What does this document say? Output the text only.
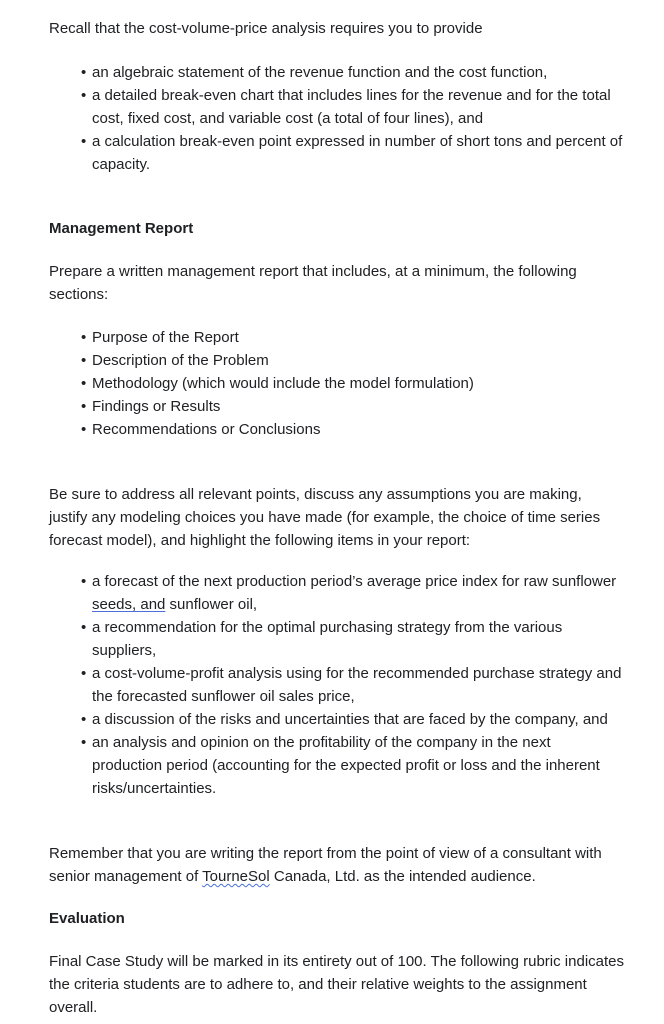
Recall that the cost-volume-price analysis requires you to provide

• an algebraic statement of the revenue function and the cost function,
• a detailed break-even chart that includes lines for the revenue and for the total cost, fixed cost, and variable cost (a total of four lines), and
• a calculation break-even point expressed in number of short tons and percent of capacity.

Management Report

Prepare a written management report that includes, at a minimum, the following sections:

• Purpose of the Report
• Description of the Problem
• Methodology (which would include the model formulation)
• Findings or Results
• Recommendations or Conclusions

Be sure to address all relevant points, discuss any assumptions you are making, justify any modeling choices you have made (for example, the choice of time series forecast model), and highlight the following items in your report:

• a forecast of the next production period’s average price index for raw sunflower seeds, and sunflower oil,
• a recommendation for the optimal purchasing strategy from the various suppliers,
• a cost-volume-profit analysis using for the recommended purchase strategy and the forecasted sunflower oil sales price,
• a discussion of the risks and uncertainties that are faced by the company, and
• an analysis and opinion on the profitability of the company in the next production period (accounting for the expected profit or loss and the inherent risks/uncertainties.

Remember that you are writing the report from the point of view of a consultant with senior management of TourneSol Canada, Ltd. as the intended audience.

Evaluation

Final Case Study will be marked in its entirety out of 100. The following rubric indicates the criteria students are to adhere to, and their relative weights to the assignment overall.
